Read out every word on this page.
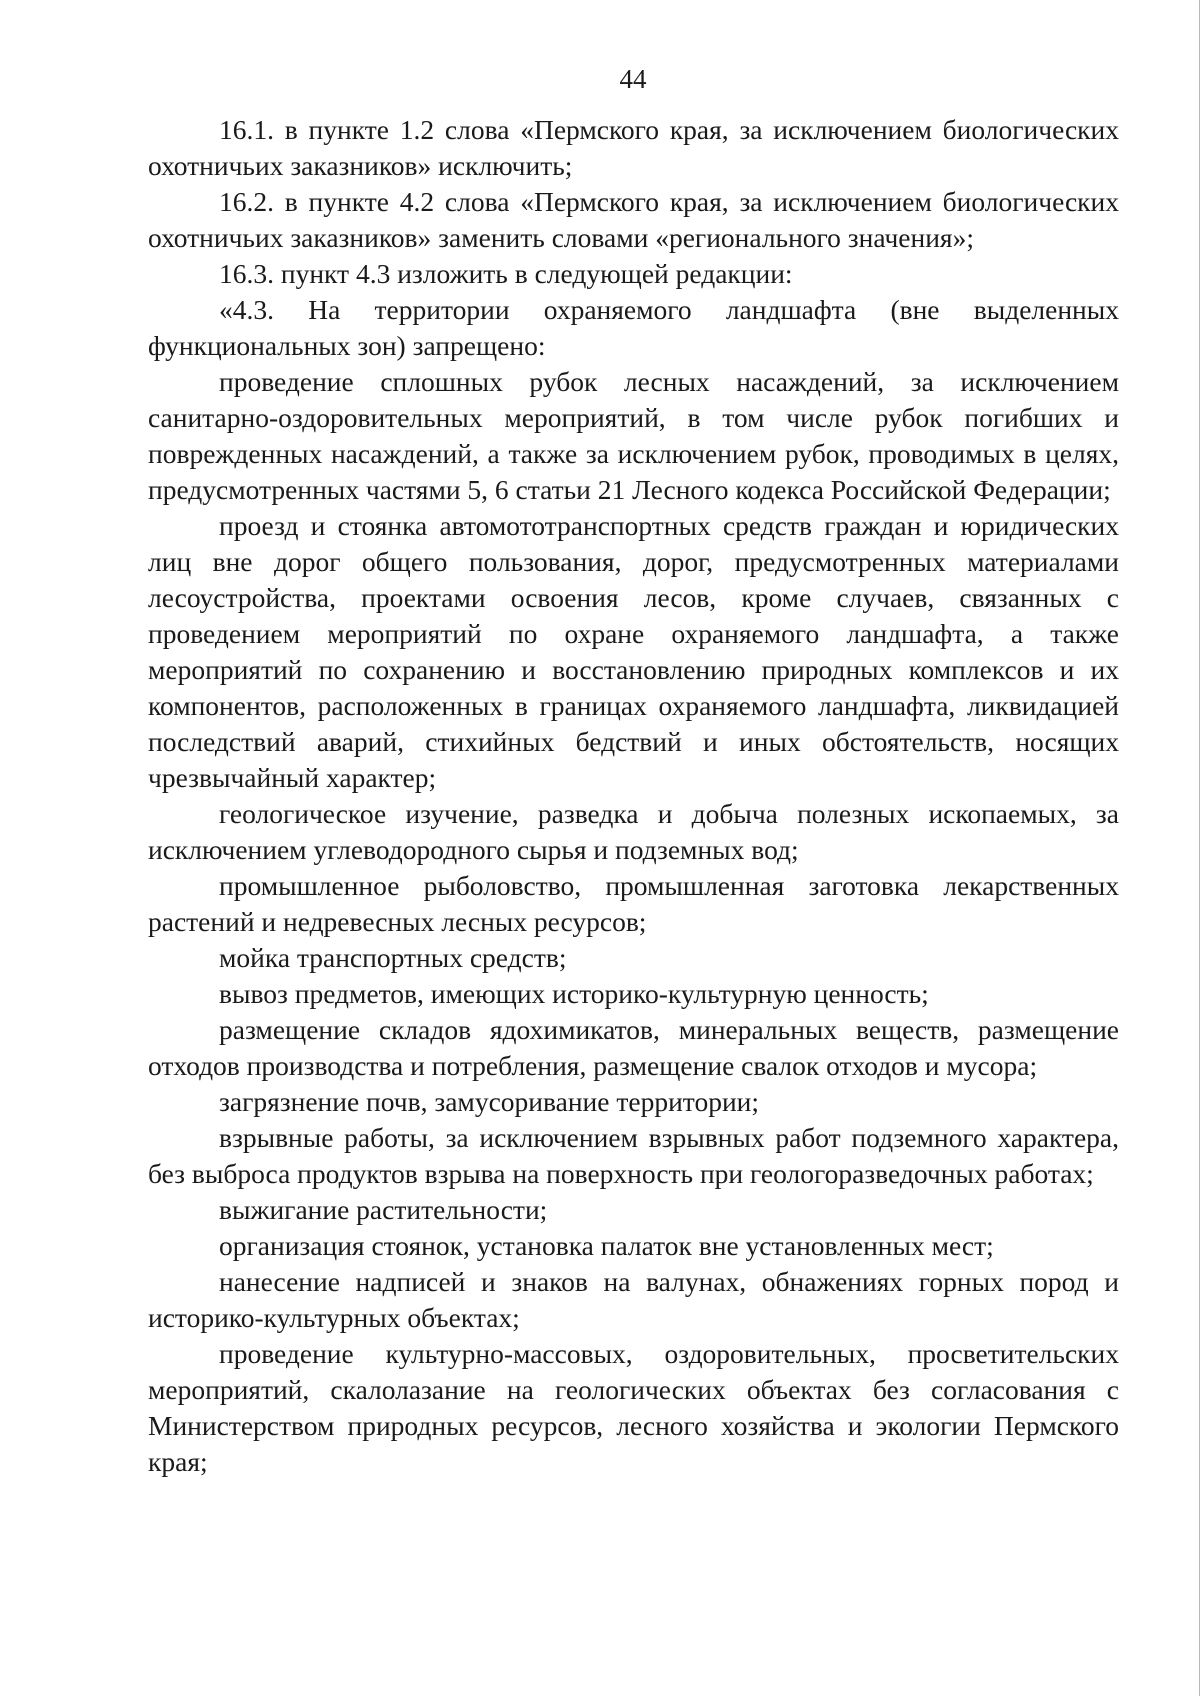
44

16.1. в пункте 1.2 слова «Пермского края, за исключением биологических охотничьих заказников» исключить;

16.2. в пункте 4.2 слова «Пермского края, за исключением биологических охотничьих заказников» заменить словами «регионального значения»;

16.3. пункт 4.3 изложить в следующей редакции:

«4.3. На территории охраняемого ландшафта (вне выделенных функциональных зон) запрещено:

проведение сплошных рубок лесных насаждений, за исключением санитарно-оздоровительных мероприятий, в том числе рубок погибших и поврежденных насаждений, а также за исключением рубок, проводимых в целях, предусмотренных частями 5, 6 статьи 21 Лесного кодекса Российской Федерации;

проезд и стоянка автомототранспортных средств граждан и юридических лиц вне дорог общего пользования, дорог, предусмотренных материалами лесоустройства, проектами освоения лесов, кроме случаев, связанных с проведением мероприятий по охране охраняемого ландшафта, а также мероприятий по сохранению и восстановлению природных комплексов и их компонентов, расположенных в границах охраняемого ландшафта, ликвидацией последствий аварий, стихийных бедствий и иных обстоятельств, носящих чрезвычайный характер;

геологическое изучение, разведка и добыча полезных ископаемых, за исключением углеводородного сырья и подземных вод;

промышленное рыболовство, промышленная заготовка лекарственных растений и недревесных лесных ресурсов;

мойка транспортных средств;

вывоз предметов, имеющих историко-культурную ценность;

размещение складов ядохимикатов, минеральных веществ, размещение отходов производства и потребления, размещение свалок отходов и мусора;

загрязнение почв, замусоривание территории;

взрывные работы, за исключением взрывных работ подземного характера, без выброса продуктов взрыва на поверхность при геологоразведочных работах;

выжигание растительности;

организация стоянок, установка палаток вне установленных мест;

нанесение надписей и знаков на валунах, обнажениях горных пород и историко-культурных объектах;

проведение культурно-массовых, оздоровительных, просветительских мероприятий, скалолазание на геологических объектах без согласования с Министерством природных ресурсов, лесного хозяйства и экологии Пермского края;
